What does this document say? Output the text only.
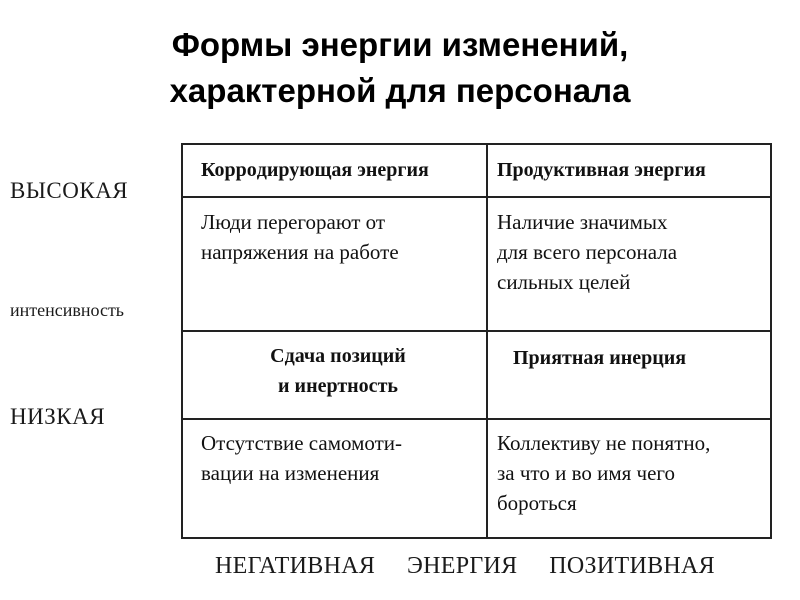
Формы энергии изменений,
характерной для персонала
ВЫСОКАЯ
интенсивность
НИЗКАЯ
Коррoдирующая энергия	Продуктивная энергия
Люди перегорают от
напряжения на работе
Наличие значимых
для всего персонала
сильных целей
Сдача позиций
и инертность
Приятная инерция
Отсутствие самомоти-
вации на изменения
Коллективу не понятно,
за что и во имя чего
бороться
НЕГАТИВНАЯ ЭНЕРГИЯ ПОЗИТИВНАЯ
